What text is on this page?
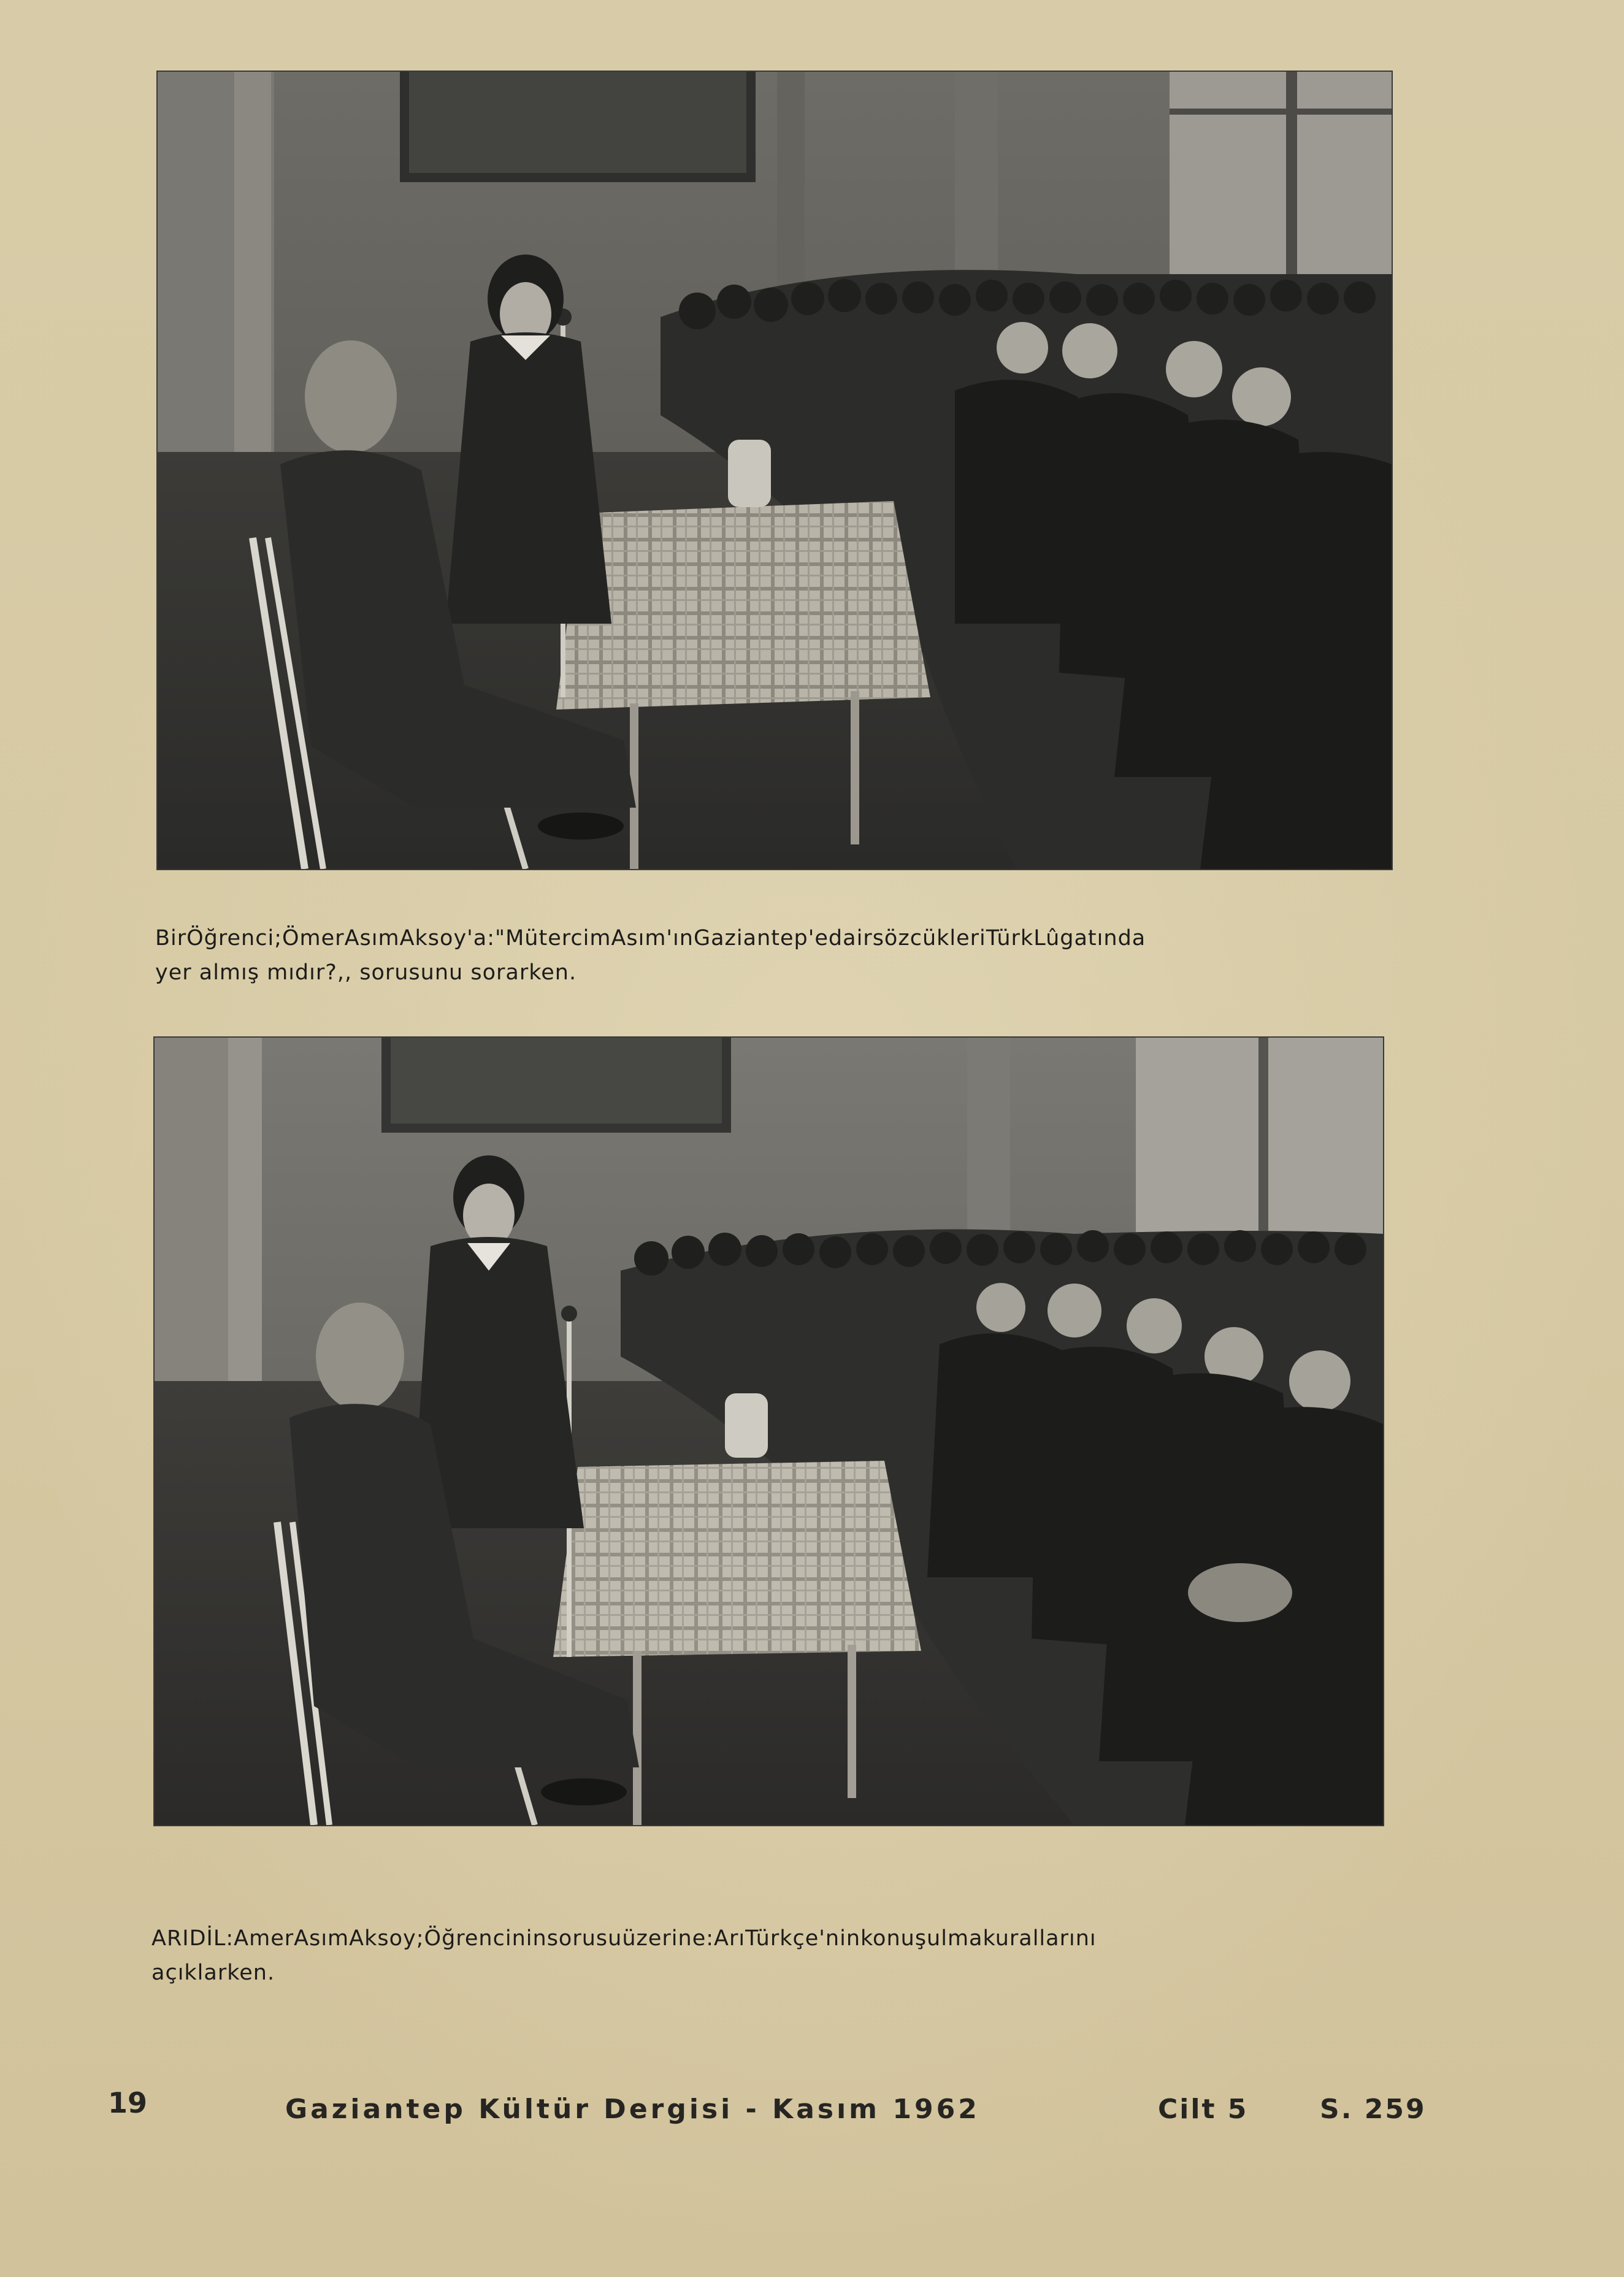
BirÖğrenci;ÖmerAsımAksoy'a:"MütercimAsım'ınGaziantep'edairsözcükleriTürkLûgatında
yer almış mıdır?,, sorusunu sorarken.

ARIDİL:AmerAsımAksoy;Öğrencininsorusuüzerine:ArıTürkçe'ninkonuşulmakurallarını
açıklarken.

19	Gaziantep Kültür Dergisi - Kasım 1962	Cilt 5	S. 259
